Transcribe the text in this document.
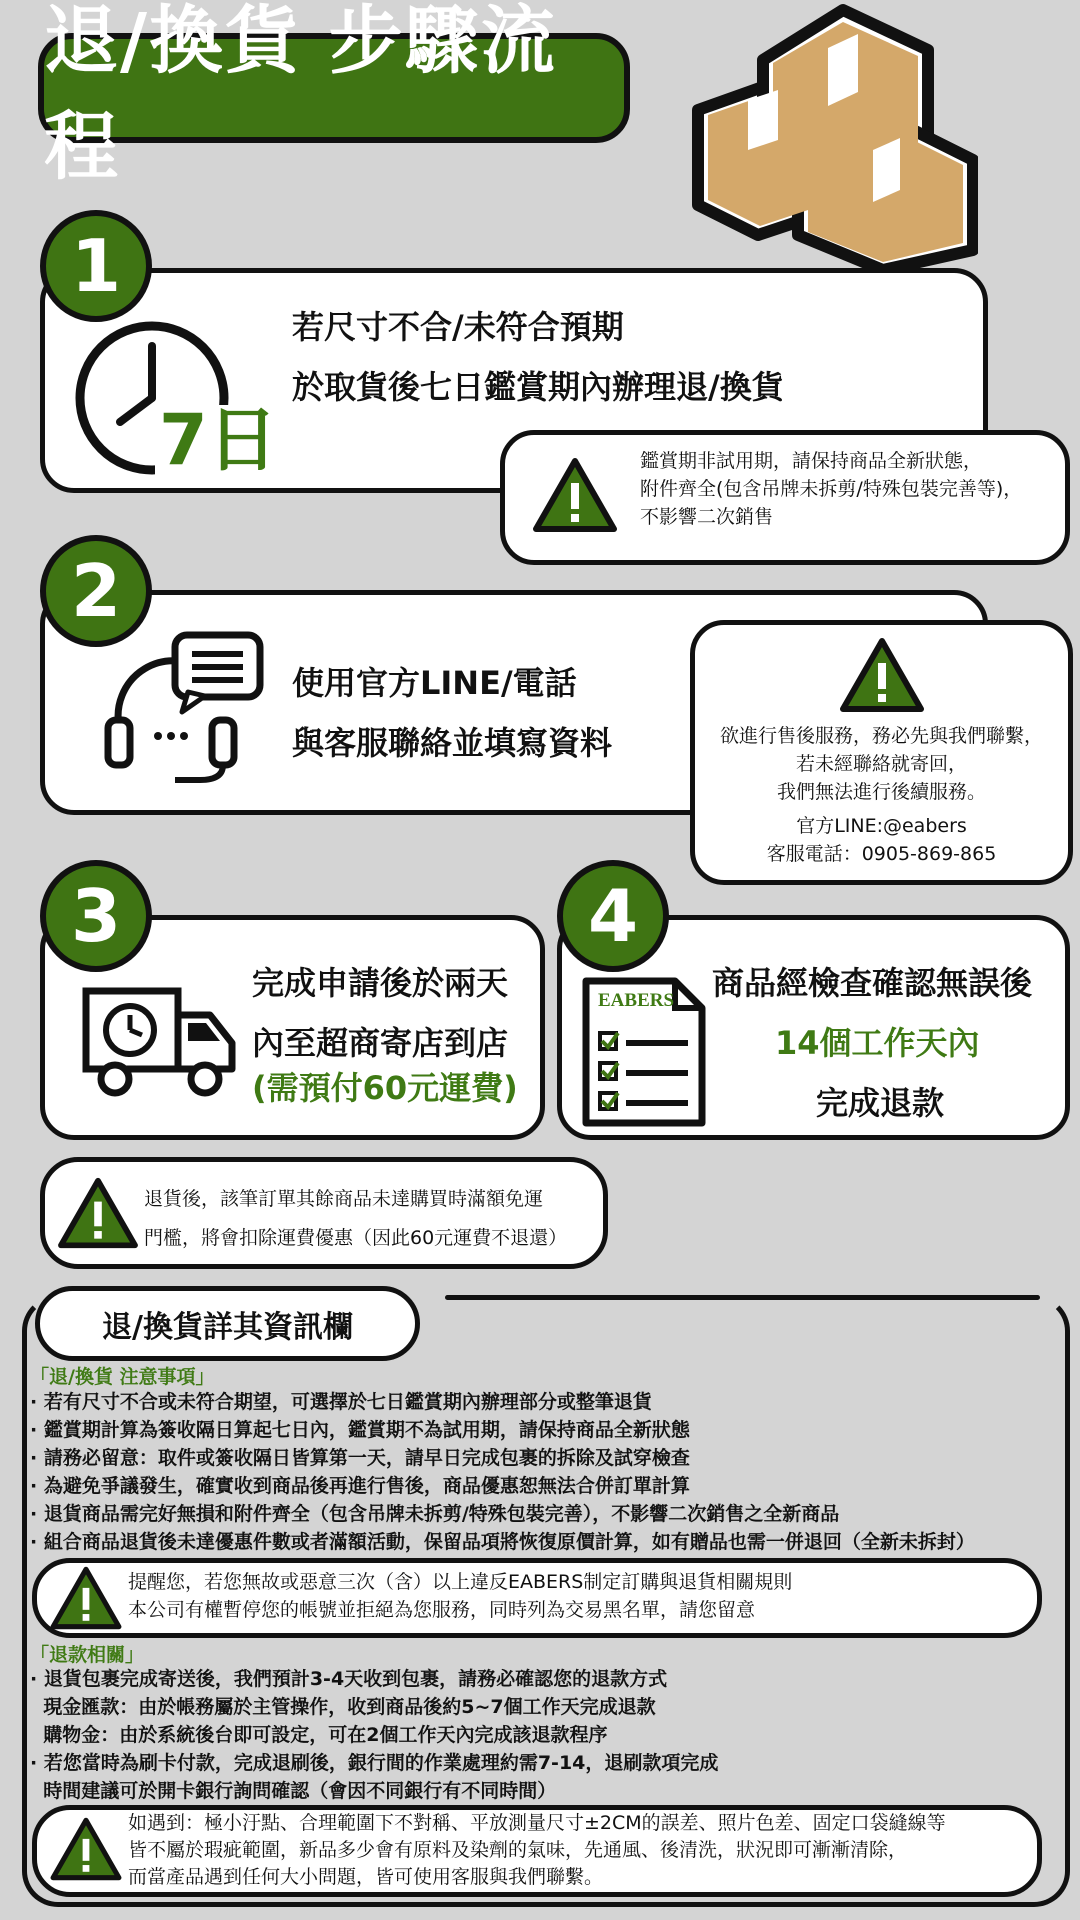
退/換貨 步驟流程
1
7日
若尺寸不合/未符合預期
於取貨後七日鑑賞期內辦理退/換貨
鑑賞期非試用期，請保持商品全新狀態，
附件齊全(包含吊牌未拆剪/特殊包裝完善等)，
不影響二次銷售
2
使用官方LINE/電話
與客服聯絡並填寫資料	欲進行售後服務，務必先與我們聯繫，
若未經聯絡就寄回，
我們無法進行後續服務。
官方LINE:@eabers
客服電話：0905-869-865
3
完成申請後於兩天
內至超商寄店到店
(需預付60元運費)
4
EABERS 商品經檢查確認無誤後
14個工作天內
完成退款
退貨後，該筆訂單其餘商品未達購買時滿額免運
門檻，將會扣除運費優惠（因此60元運費不退還）
退/換貨詳其資訊欄
「退/換貨 注意事項」
· 若有尺寸不合或未符合期望，可選擇於七日鑑賞期內辦理部分或整筆退貨
· 鑑賞期計算為簽收隔日算起七日內，鑑賞期不為試用期，請保持商品全新狀態
· 請務必留意：取件或簽收隔日皆算第一天，請早日完成包裹的拆除及試穿檢查
· 為避免爭議發生，確實收到商品後再進行售後，商品優惠恕無法合併訂單計算
· 退貨商品需完好無損和附件齊全（包含吊牌未拆剪/特殊包裝完善），不影響二次銷售之全新商品
· 組合商品退貨後未達優惠件數或者滿額活動，保留品項將恢復原價計算，如有贈品也需一併退回（全新未拆封）
提醒您，若您無故或惡意三次（含）以上違反EABERS制定訂購與退貨相關規則
本公司有權暫停您的帳號並拒絕為您服務，同時列為交易黑名單，請您留意
「退款相關」
· 退貨包裹完成寄送後，我們預計3-4天收到包裹，請務必確認您的退款方式
現金匯款：由於帳務屬於主管操作，收到商品後約5~7個工作天完成退款
購物金：由於系統後台即可設定，可在2個工作天內完成該退款程序
· 若您當時為刷卡付款，完成退刷後，銀行間的作業處理約需7-14，退刷款項完成
時間建議可於開卡銀行詢問確認（會因不同銀行有不同時間）
如遇到：極小汙點、合理範圍下不對稱、平放測量尺寸±2CM的誤差、照片色差、固定口袋縫線等
皆不屬於瑕疵範圍，新品多少會有原料及染劑的氣味，先通風、後清洗，狀況即可漸漸清除，
而當產品遇到任何大小問題，皆可使用客服與我們聯繫。
